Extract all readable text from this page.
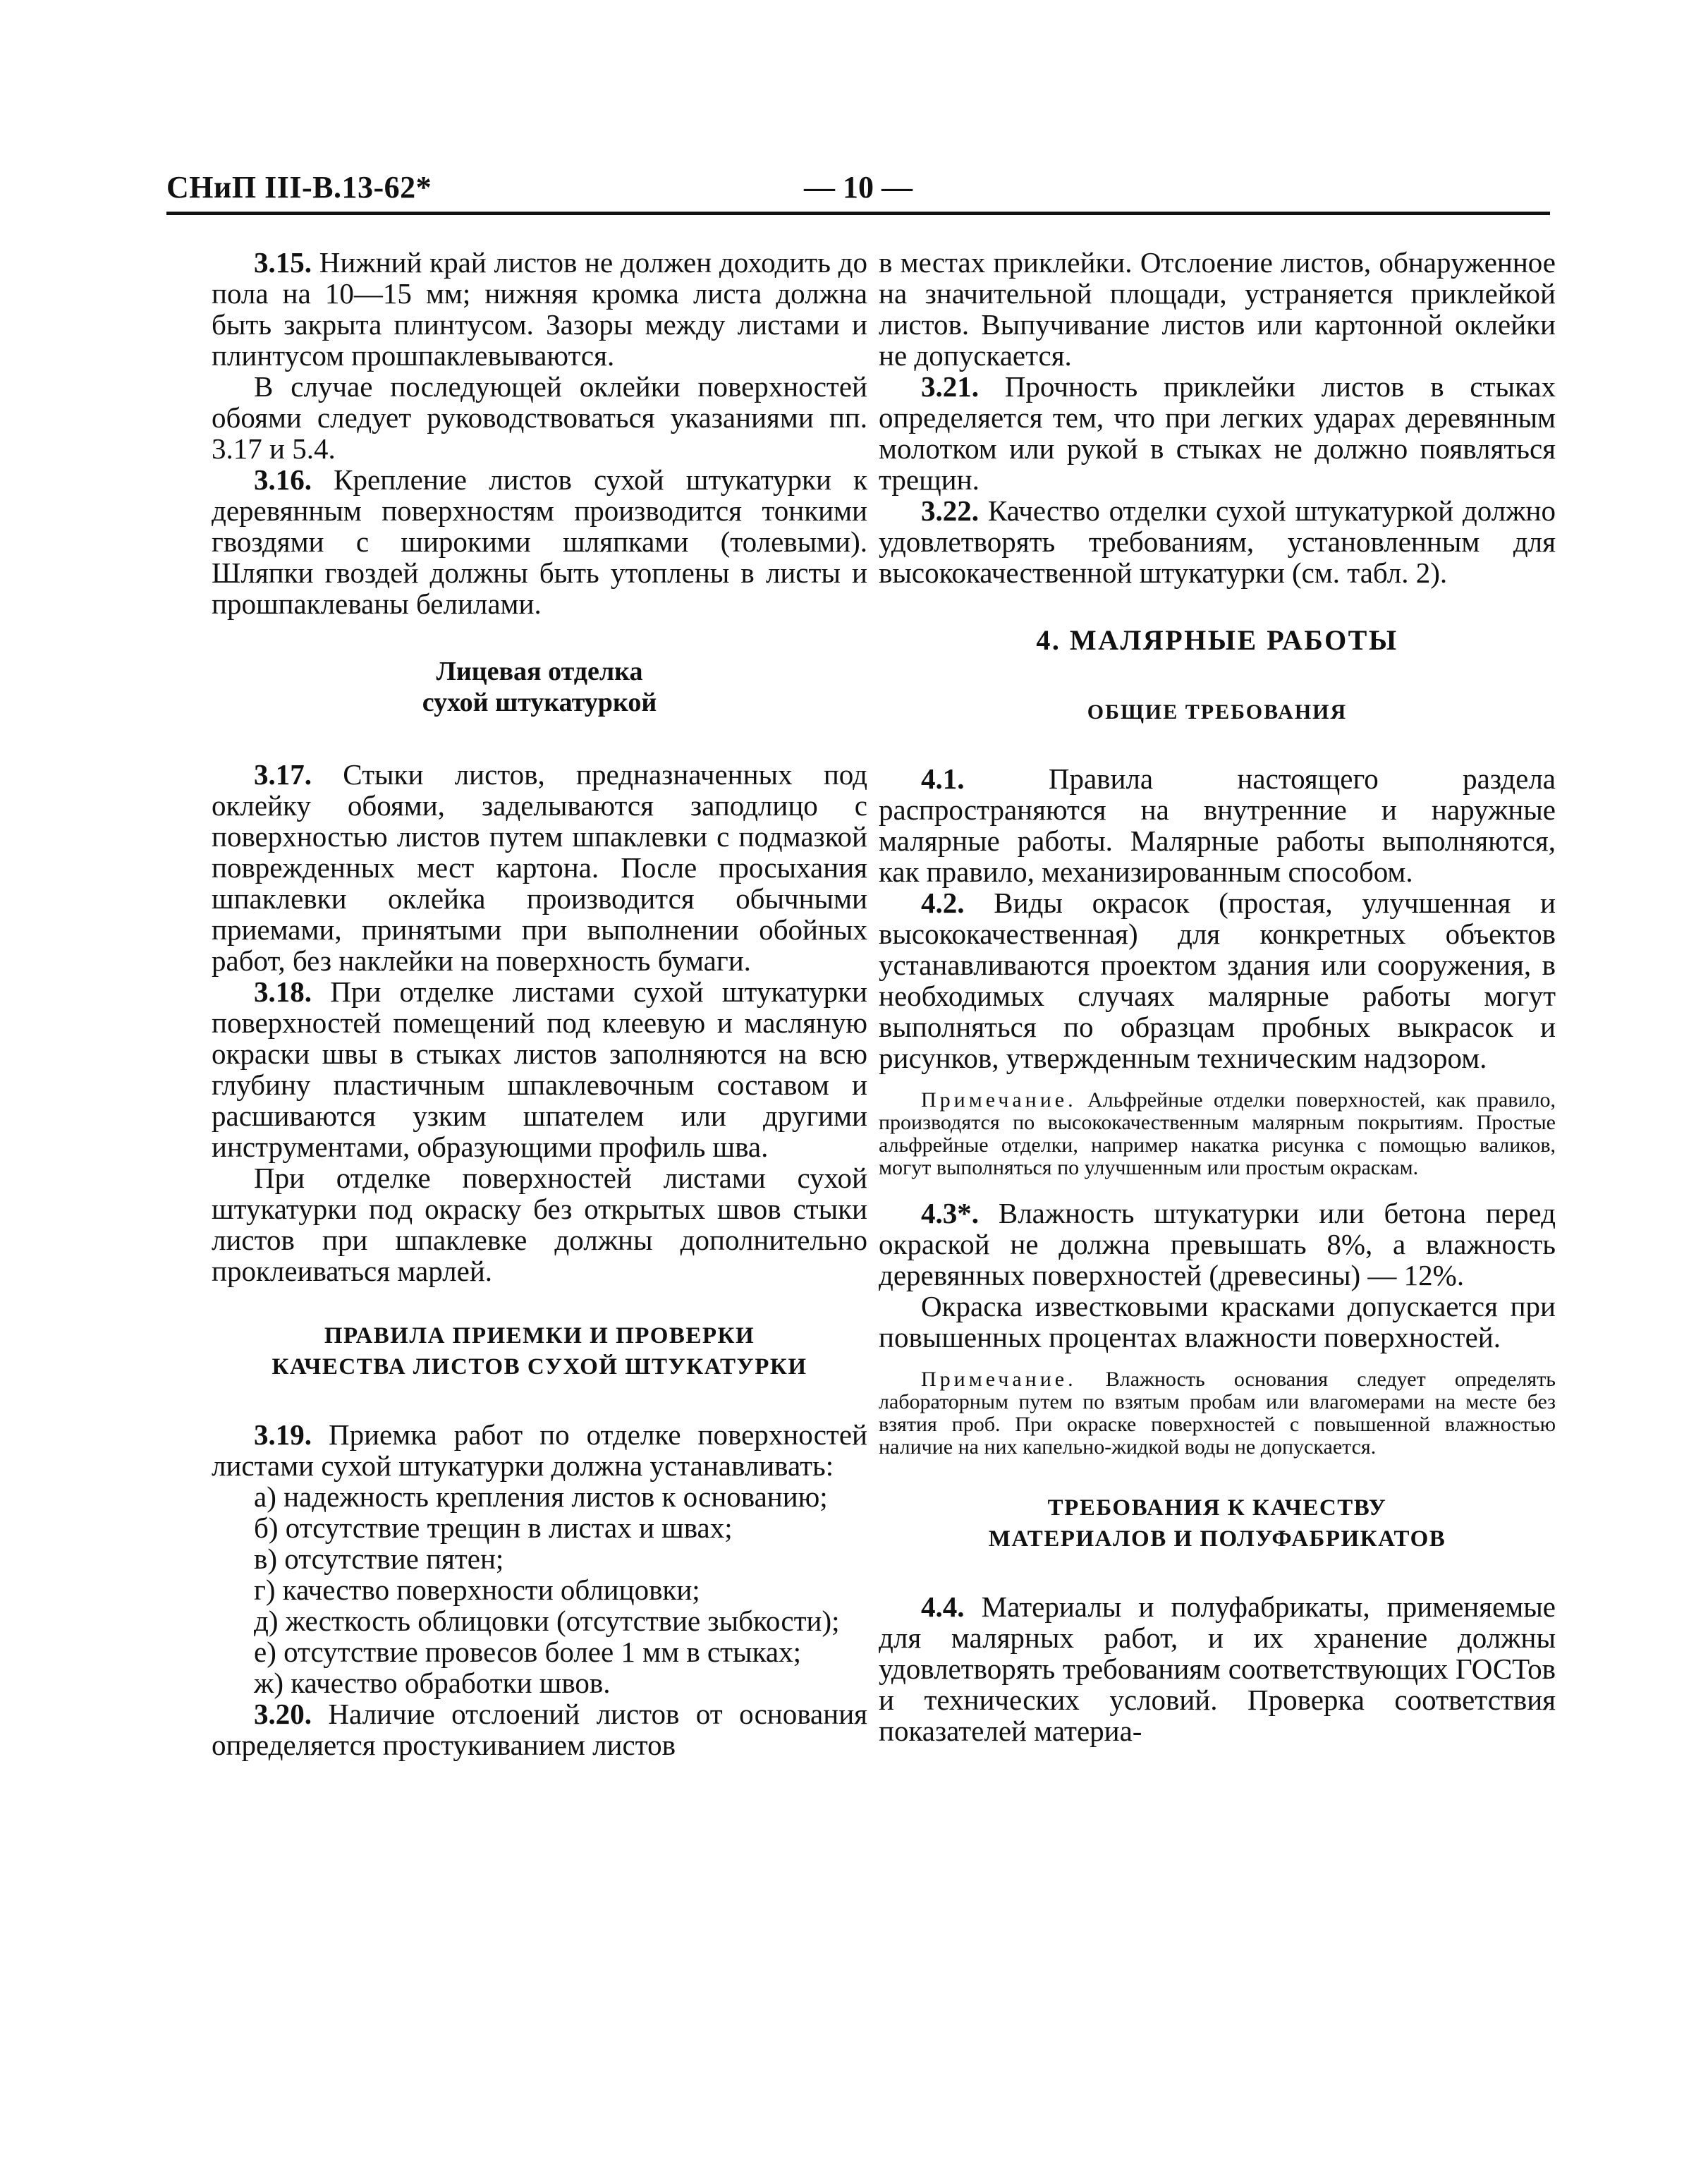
СНиП III-В.13-62*	— 10 —

3.15. Нижний край листов не должен доходить до пола на 10—15 мм; нижняя кромка листа должна быть закрыта плинтусом. Зазоры между листами и плинтусом прошпаклевываются.

В случае последующей оклейки поверхностей обоями следует руководствоваться указаниями пп. 3.17 и 5.4.

3.16. Крепление листов сухой штукатурки к деревянным поверхностям производится тонкими гвоздями с широкими шляпками (толевыми). Шляпки гвоздей должны быть утоплены в листы и прошпаклеваны белилами.

Лицевая отделка
сухой штукатуркой

3.17. Стыки листов, предназначенных под оклейку обоями, заделываются заподлицо с поверхностью листов путем шпаклевки с подмазкой поврежденных мест картона. После просыхания шпаклевки оклейка производится обычными приемами, принятыми при выполнении обойных работ, без наклейки на поверхность бумаги.

3.18. При отделке листами сухой штукатурки поверхностей помещений под клеевую и масляную окраски швы в стыках листов заполняются на всю глубину пластичным шпаклевочным составом и расшиваются узким шпателем или другими инструментами, образующими профиль шва.

При отделке поверхностей листами сухой штукатурки под окраску без открытых швов стыки листов при шпаклевке должны дополнительно проклеиваться марлей.

ПРАВИЛА ПРИЕМКИ И ПРОВЕРКИ
КАЧЕСТВА ЛИСТОВ СУХОЙ ШТУКАТУРКИ

3.19. Приемка работ по отделке поверхностей листами сухой штукатурки должна устанавливать:

а) надежность крепления листов к основанию;

б) отсутствие трещин в листах и швах;

в) отсутствие пятен;

г) качество поверхности облицовки;

д) жесткость облицовки (отсутствие зыбкости);

е) отсутствие провесов более 1 мм в стыках;

ж) качество обработки швов.

3.20. Наличие отслоений листов от основания определяется простукиванием листов

в местах приклейки. Отслоение листов, обнаруженное на значительной площади, устраняется приклейкой листов. Выпучивание листов или картонной оклейки не допускается.

3.21. Прочность приклейки листов в стыках определяется тем, что при легких ударах деревянным молотком или рукой в стыках не должно появляться трещин.

3.22. Качество отделки сухой штукатуркой должно удовлетворять требованиям, установленным для высококачественной штукатурки (см. табл. 2).

4. МАЛЯРНЫЕ РАБОТЫ
ОБЩИЕ ТРЕБОВАНИЯ

4.1. Правила настоящего раздела распространяются на внутренние и наружные малярные работы. Малярные работы выполняются, как правило, механизированным способом.

4.2. Виды окрасок (простая, улучшенная и высококачественная) для конкретных объектов устанавливаются проектом здания или сооружения, в необходимых случаях малярные работы могут выполняться по образцам пробных выкрасок и рисунков, утвержденным техническим надзором.

Примечание. Альфрейные отделки поверхностей, как правило, производятся по высококачественным малярным покрытиям. Простые альфрейные отделки, например накатка рисунка с помощью валиков, могут выполняться по улучшенным или простым окраскам.

4.3*. Влажность штукатурки или бетона перед окраской не должна превышать 8%, а влажность деревянных поверхностей (древесины) — 12%.

Окраска известковыми красками допускается при повышенных процентах влажности поверхностей.

Примечание. Влажность основания следует определять лабораторным путем по взятым пробам или влагомерами на месте без взятия проб. При окраске поверхностей с повышенной влажностью наличие на них капельно-жидкой воды не допускается.
ТРЕБОВАНИЯ К КАЧЕСТВУ
МАТЕРИАЛОВ И ПОЛУФАБРИКАТОВ

4.4. Материалы и полуфабрикаты, применяемые для малярных работ, и их хранение должны удовлетворять требованиям соответствующих ГОСТов и технических условий. Проверка соответствия показателей материа-
